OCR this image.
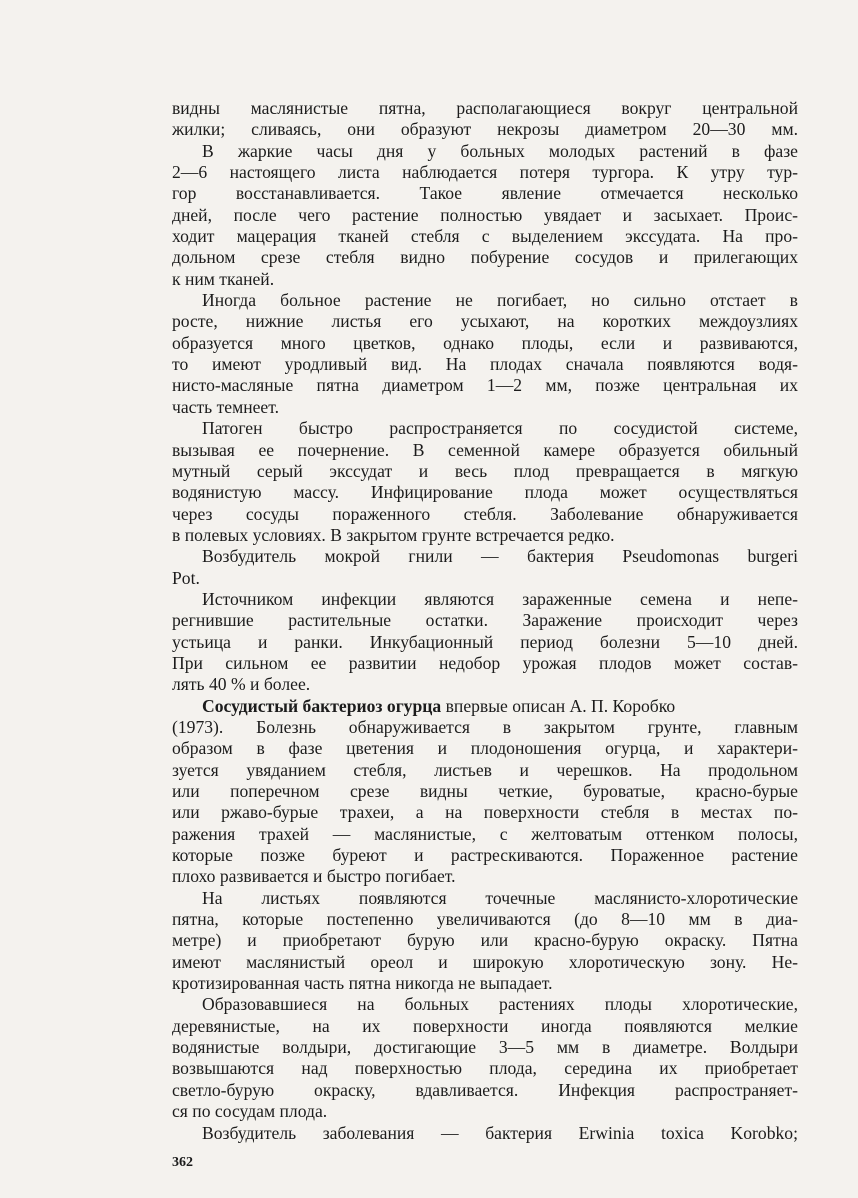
видны маслянистые пятна, располагающиеся вокруг центральной
жилки; сливаясь, они образуют некрозы диаметром 20—30 мм.
В жаркие часы дня у больных молодых растений в фазе
2—6 настоящего листа наблюдается потеря тургора. К утру тур-
гор восстанавливается. Такое явление отмечается несколько
дней, после чего растение полностью увядает и засыхает. Проис-
ходит мацерация тканей стебля с выделением экссудата. На про-
дольном срезе стебля видно побурение сосудов и прилегающих
к ним тканей.
Иногда больное растение не погибает, но сильно отстает в
росте, нижние листья его усыхают, на коротких междоузлиях
образуется много цветков, однако плоды, если и развиваются,
то имеют уродливый вид. На плодах сначала появляются водя-
нисто-масляные пятна диаметром 1—2 мм, позже центральная их
часть темнеет.
Патоген быстро распространяется по сосудистой системе,
вызывая ее почернение. В семенной камере образуется обильный
мутный серый экссудат и весь плод превращается в мягкую
водянистую массу. Инфицирование плода может осуществляться
через сосуды пораженного стебля. Заболевание обнаруживается
в полевых условиях. В закрытом грунте встречается редко.
Возбудитель мокрой гнили — бактерия Pseudomonas burgeri
Pot.
Источником инфекции являются зараженные семена и непе-
регнившие растительные остатки. Заражение происходит через
устьица и ранки. Инкубационный период болезни 5—10 дней.
При сильном ее развитии недобор урожая плодов может состав-
лять 40 % и более.
Сосудистый бактериоз огурца впервые описан А. П. Коробко
(1973). Болезнь обнаруживается в закрытом грунте, главным
образом в фазе цветения и плодоношения огурца, и характери-
зуется увяданием стебля, листьев и черешков. На продольном
или поперечном срезе видны четкие, буроватые, красно-бурые
или ржаво-бурые трахеи, а на поверхности стебля в местах по-
ражения трахей — маслянистые, с желтоватым оттенком полосы,
которые позже буреют и растрескиваются. Пораженное растение
плохо развивается и быстро погибает.
На листьях появляются точечные маслянисто-хлоротические
пятна, которые постепенно увеличиваются (до 8—10 мм в диа-
метре) и приобретают бурую или красно-бурую окраску. Пятна
имеют маслянистый ореол и широкую хлоротическую зону. Не-
кротизированная часть пятна никогда не выпадает.
Образовавшиеся на больных растениях плоды хлоротические,
деревянистые, на их поверхности иногда появляются мелкие
водянистые волдыри, достигающие 3—5 мм в диаметре. Волдыри
возвышаются над поверхностью плода, середина их приобретает
светло-бурую окраску, вдавливается. Инфекция распространяет-
ся по сосудам плода.
Возбудитель заболевания — бактерия Erwinia toxica Korobko;
362
